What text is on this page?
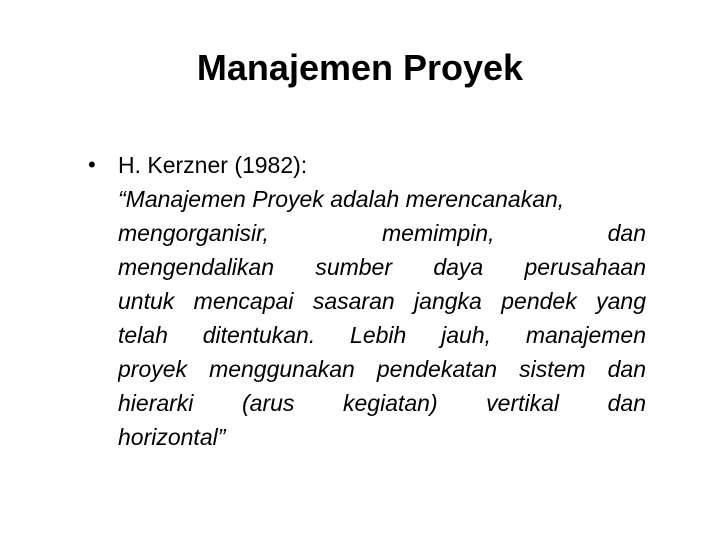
Manajemen Proyek
• H. Kerzner (1982):
“Manajemen Proyek adalah merencanakan,
mengorganisir, memimpin, dan
mengendalikan sumber daya perusahaan
untuk mencapai sasaran jangka pendek yang
telah ditentukan. Lebih jauh, manajemen
proyek menggunakan pendekatan sistem dan
hierarki (arus kegiatan) vertikal dan
horizontal”
